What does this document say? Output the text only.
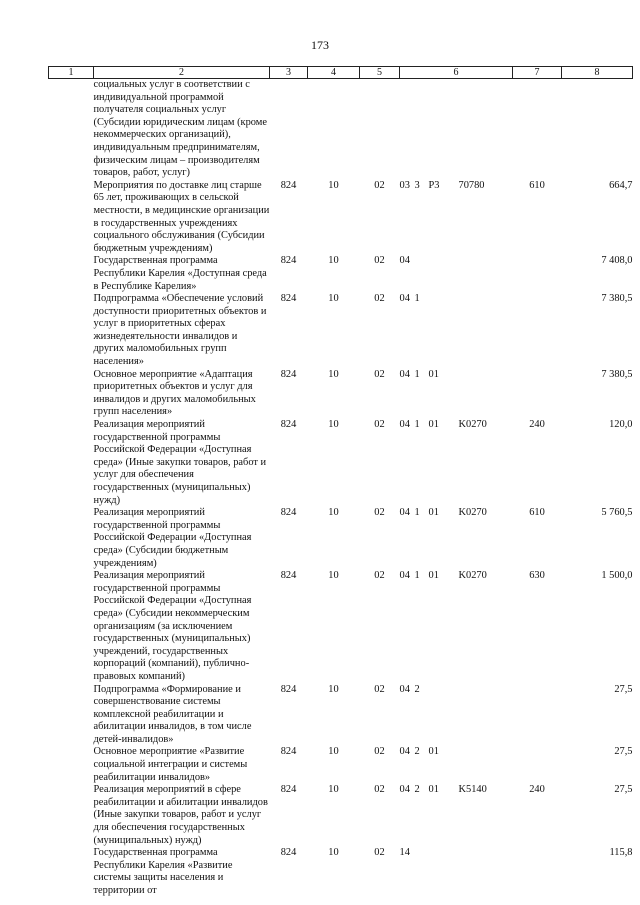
173
1	2	3	4	5	6	7	8
	социальных услуг в соответствии с индивидуальной программой получателя социальных услуг (Субсидии юридическим лицам (кроме некоммерческих организаций), индивидуальным предпринимателям, физическим лицам – производителям товаров, работ, услуг)						
	Мероприятия по доставке лиц старше 65 лет, проживающих в сельской местности, в медицинские организации в государственных учреждениях социального обслуживания (Субсидии бюджетным учреждениям)	824	10	02	03 3 P3 70780	610	664,7
	Государственная программа Республики Карелия «Доступная среда в Республике Карелия»	824	10	02	04		7 408,0
	Подпрограмма «Обеспечение условий доступности приоритетных объектов и услуг в приоритетных сферах жизнедеятельности инвалидов и других маломобильных групп населения»	824	10	02	04 1		7 380,5
	Основное мероприятие «Адаптация приоритетных объектов и услуг для инвалидов и других маломобильных групп населения»	824	10	02	04 1 01		7 380,5
	Реализация мероприятий государственной программы Российской Федерации «Доступная среда» (Иные закупки товаров, работ и услуг для обеспечения государственных (муниципальных) нужд)	824	10	02	04 1 01 K0270	240	120,0
	Реализация мероприятий государственной программы Российской Федерации «Доступная среда» (Субсидии бюджетным учреждениям)	824	10	02	04 1 01 K0270	610	5 760,5
	Реализация мероприятий государственной программы Российской Федерации «Доступная среда» (Субсидии некоммерческим организациям (за исключением государственных (муниципальных) учреждений, государственных корпораций (компаний), публично-правовых компаний)	824	10	02	04 1 01 K0270	630	1 500,0
	Подпрограмма «Формирование и совершенствование системы комплексной реабилитации и абилитации инвалидов, в том числе детей-инвалидов»	824	10	02	04 2		27,5
	Основное мероприятие «Развитие социальной интеграции и системы реабилитации инвалидов»	824	10	02	04 2 01		27,5
	Реализация мероприятий в сфере реабилитации и абилитации инвалидов (Иные закупки товаров, работ и услуг для обеспечения государственных (муниципальных) нужд)	824	10	02	04 2 01 K5140	240	27,5
	Государственная программа Республики Карелия «Развитие системы защиты населения и территории от	824	10	02	14		115,8
